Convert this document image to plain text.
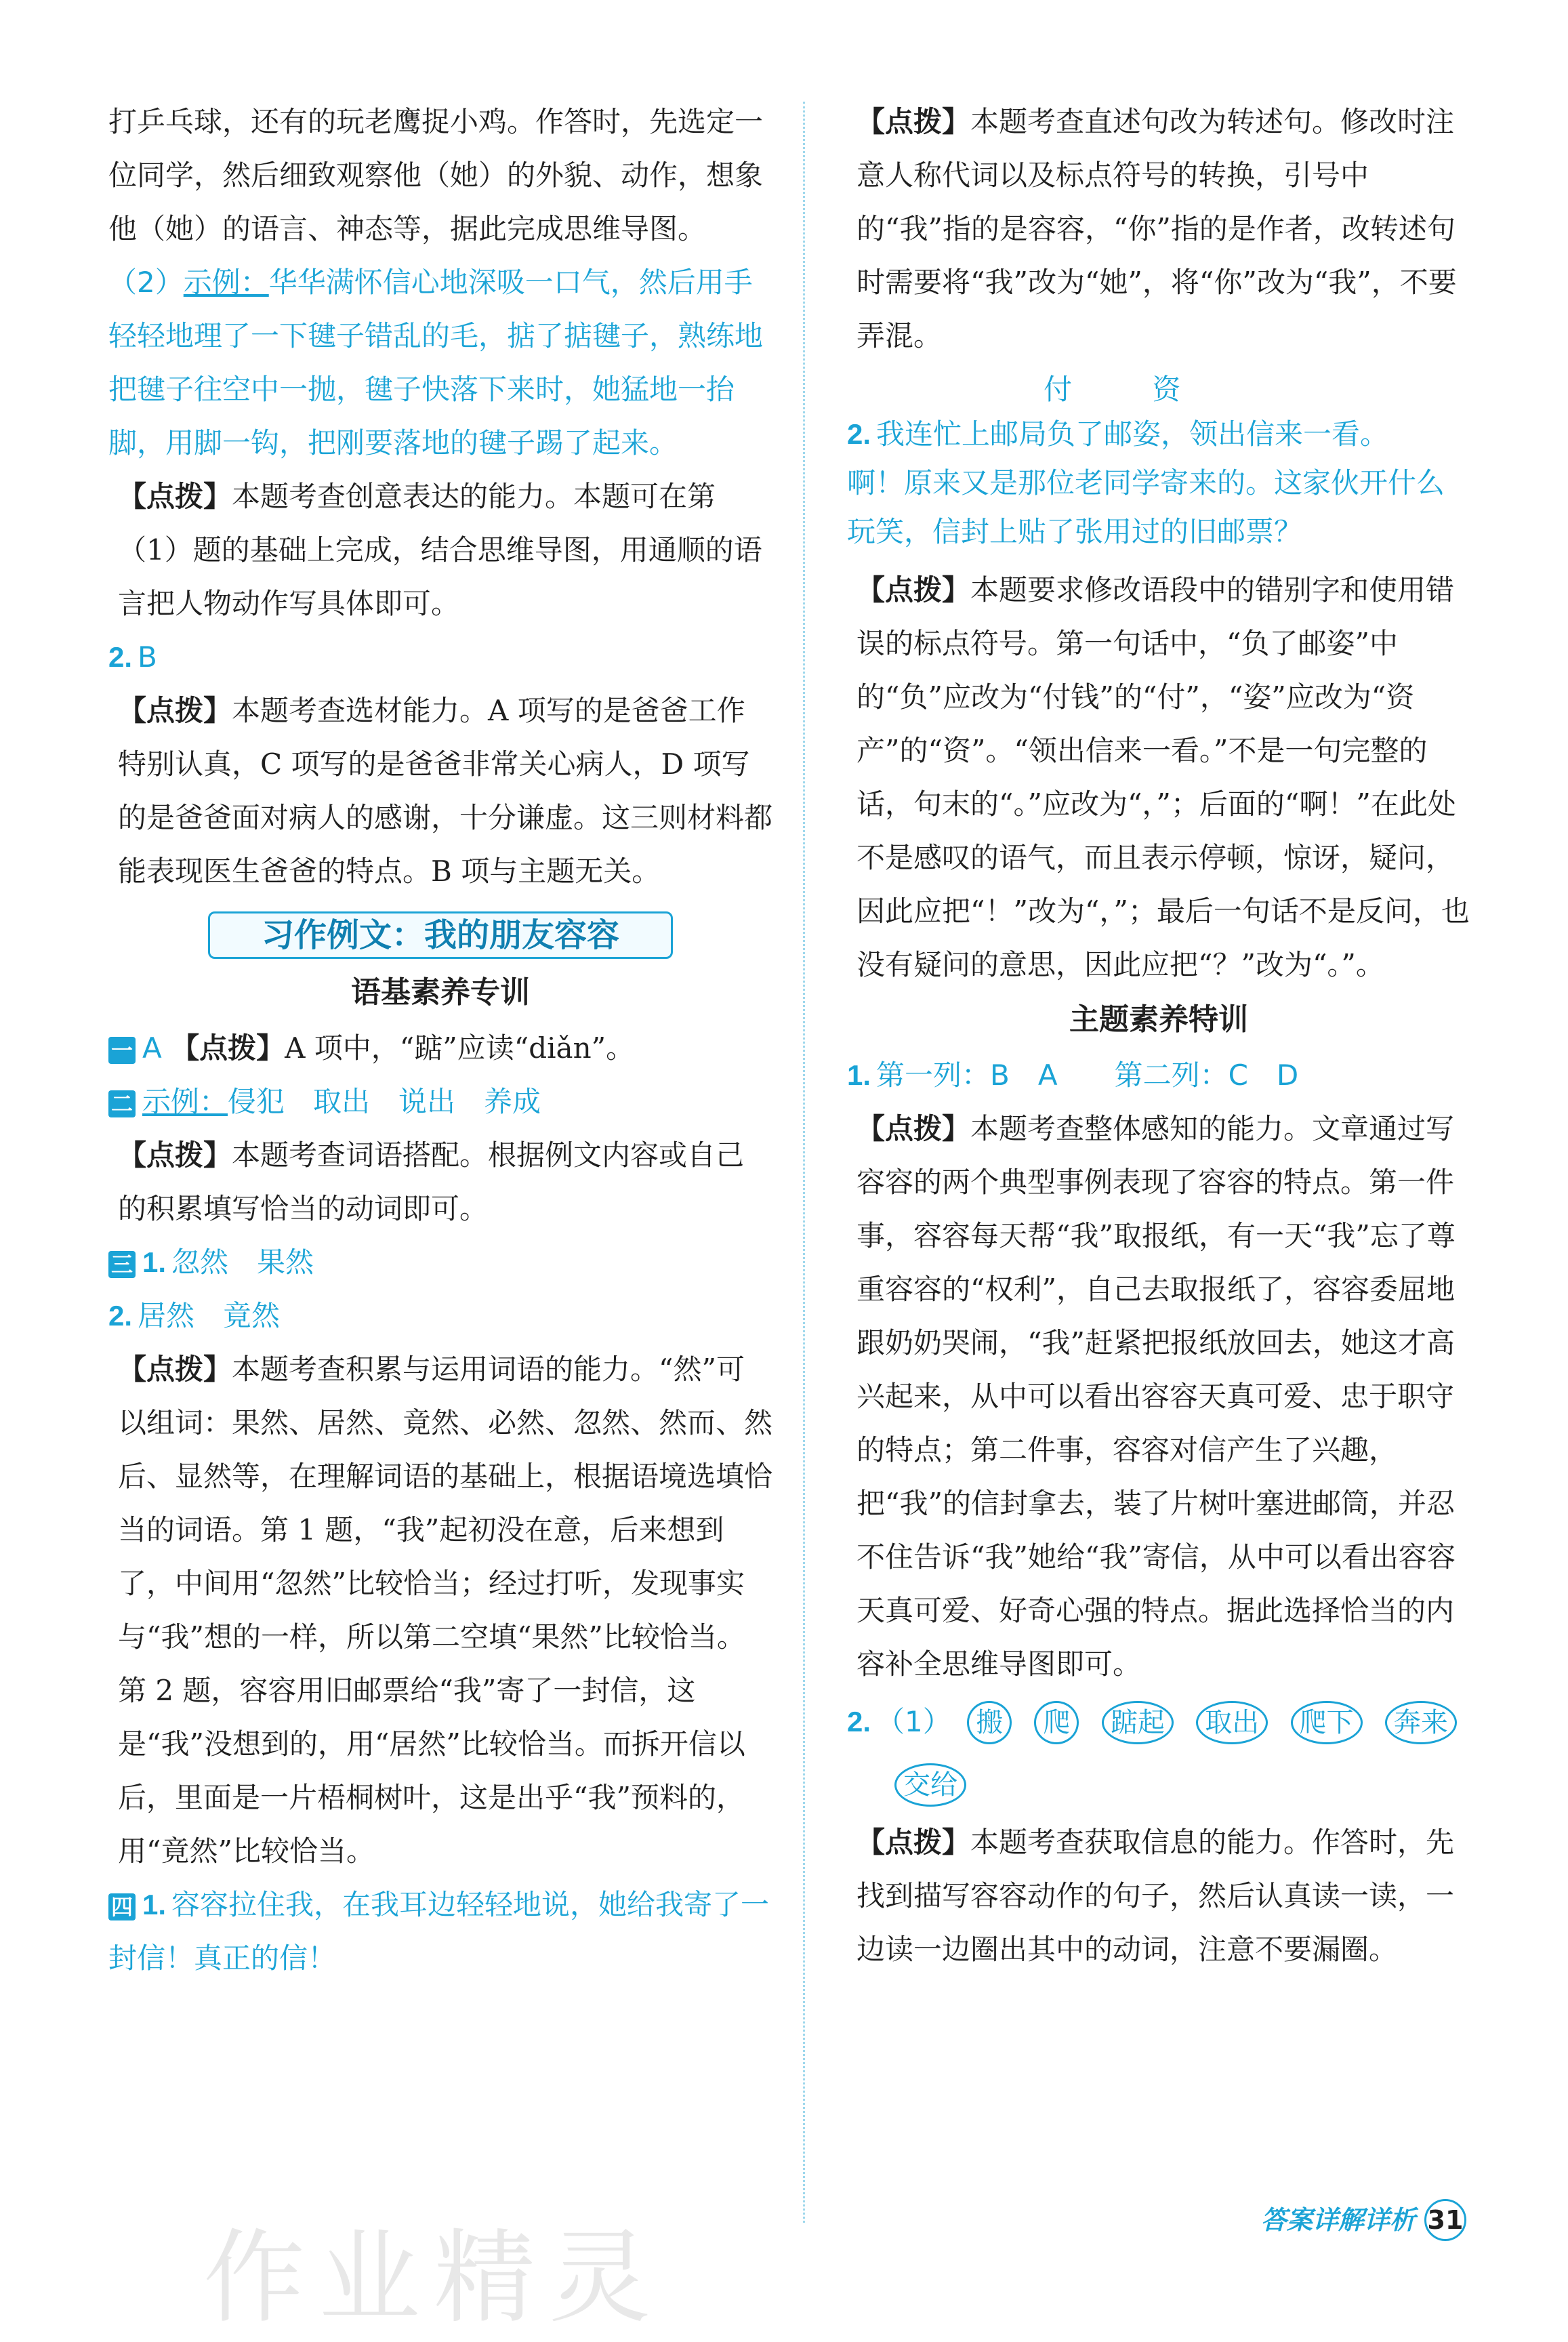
打乒乓球，还有的玩老鹰捉小鸡。作答时，先选定一位同学，然后细致观察他（她）的外貌、动作，想象他（她）的语言、神态等，据此完成思维导图。

（2）示例：华华满怀信心地深吸一口气，然后用手轻轻地理了一下毽子错乱的毛，掂了掂毽子，熟练地把毽子往空中一抛，毽子快落下来时，她猛地一抬脚，用脚一钩，把刚要落地的毽子踢了起来。

【点拨】本题考查创意表达的能力。本题可在第（1）题的基础上完成，结合思维导图，用通顺的语言把人物动作写具体即可。

2. B

【点拨】本题考查选材能力。A 项写的是爸爸工作特别认真，C 项写的是爸爸非常关心病人，D 项写的是爸爸面对病人的感谢，十分谦虚。这三则材料都能表现医生爸爸的特点。B 项与主题无关。

习作例文：我的朋友容容

语基素养专训

一 A 【点拨】A 项中，“踮”应读“diǎn”。

二 示例：侵犯　取出　说出　养成

【点拨】本题考查词语搭配。根据例文内容或自己的积累填写恰当的动词即可。

三 1. 忽然　果然

2. 居然　竟然

【点拨】本题考查积累与运用词语的能力。“然”可以组词：果然、居然、竟然、必然、忽然、然而、然后、显然等，在理解词语的基础上，根据语境选填恰当的词语。第 1 题，“我”起初没在意，后来想到了，中间用“忽然”比较恰当；经过打听，发现事实与“我”想的一样，所以第二空填“果然”比较恰当。第 2 题，容容用旧邮票给“我”寄了一封信，这是“我”没想到的，用“居然”比较恰当。而拆开信以后，里面是一片梧桐树叶，这是出乎“我”预料的，用“竟然”比较恰当。

四 1. 容容拉住我，在我耳边轻轻地说，她给我寄了一封信！真正的信！

【点拨】本题考查直述句改为转述句。修改时注意人称代词以及标点符号的转换，引号中的“我”指的是容容，“你”指的是作者，改转述句时需要将“我”改为“她”，将“你”改为“我”，不要弄混。

付	资

2. 我连忙上邮局负了邮姿，领出信来一看。

啊！原来又是那位老同学寄来的。这家伙开什么玩笑，信封上贴了张用过的旧邮票？

【点拨】本题要求修改语段中的错别字和使用错误的标点符号。第一句话中，“负了邮姿”中的“负”应改为“付钱”的“付”，“姿”应改为“资产”的“资”。“领出信来一看。”不是一句完整的话，句末的“。”应改为“，”；后面的“啊！”在此处不是感叹的语气，而且表示停顿，惊讶，疑问，因此应把“！”改为“，”；最后一句话不是反问，也没有疑问的意思，因此应把“？”改为“。”。

主题素养特训

1. 第一列：B　A　　第二列：C　D

【点拨】本题考查整体感知的能力。文章通过写容容的两个典型事例表现了容容的特点。第一件事，容容每天帮“我”取报纸，有一天“我”忘了尊重容容的“权利”，自己去取报纸了，容容委屈地跟奶奶哭闹，“我”赶紧把报纸放回去，她这才高兴起来，从中可以看出容容天真可爱、忠于职守的特点；第二件事，容容对信产生了兴趣，把“我”的信封拿去，装了片树叶塞进邮筒，并忍不住告诉“我”她给“我”寄信，从中可以看出容容天真可爱、好奇心强的特点。据此选择恰当的内容补全思维导图即可。

2. （1） 搬 爬 踮起 取出 爬下 奔来 交给

【点拨】本题考查获取信息的能力。作答时，先找到描写容容动作的句子，然后认真读一读，一边读一边圈出其中的动词，注意不要漏圈。

作业精灵	答案详解详析 31
